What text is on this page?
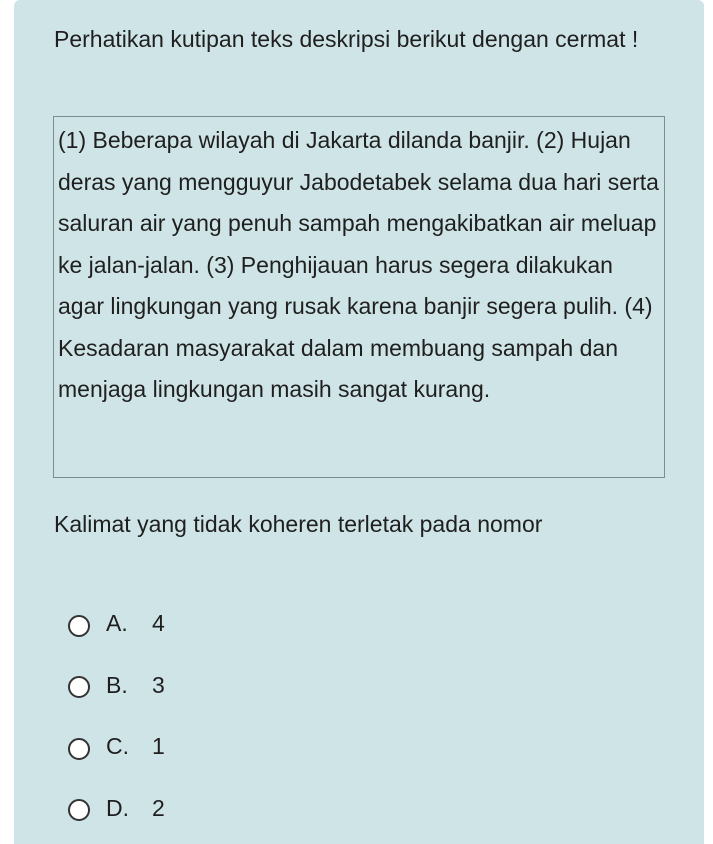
Perhatikan kutipan teks deskripsi berikut dengan cermat !

(1) Beberapa wilayah di Jakarta dilanda banjir. (2) Hujan deras yang mengguyur Jabodetabek selama dua hari serta saluran air yang penuh sampah mengakibatkan air meluap ke jalan-jalan. (3) Penghijauan harus segera dilakukan agar lingkungan yang rusak karena banjir segera pulih. (4) Kesadaran masyarakat dalam membuang sampah dan menjaga lingkungan masih sangat kurang.

Kalimat yang tidak koheren terletak pada nomor
A.	4
B.	3
C.	1
D.	2
